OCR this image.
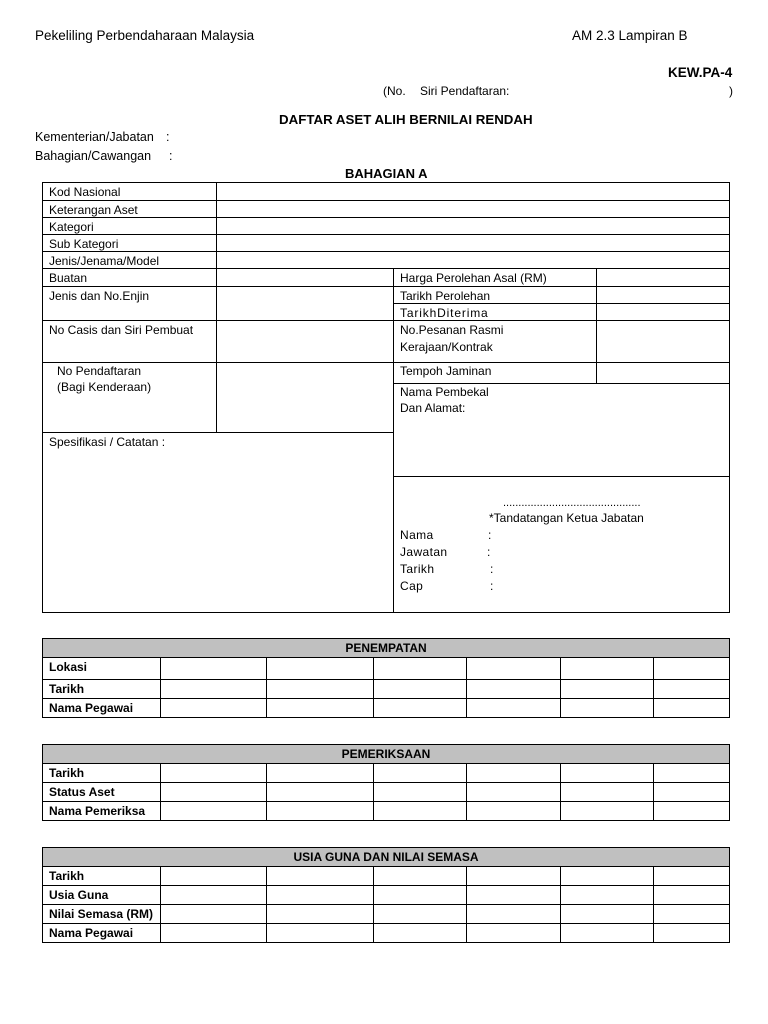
Pekeliling Perbendaharaan Malaysia	AM 2.3 Lampiran B
KEW.PA-4
(No. Siri Pendaftaran:	)
DAFTAR ASET ALIH BERNILAI RENDAH
Kementerian/Jabatan :
Bahagian/Cawangan :
BAHAGIAN A
Kod Nasional
Keterangan Aset
Kategori
Sub Kategori
Jenis/Jenama/Model
Buatan	Harga Perolehan Asal (RM)
Jenis dan No.Enjin	Tarikh Perolehan
TarikhDiterima
No Casis dan Siri Pembuat	No.Pesanan Rasmi
Kerajaan/Kontrak
No Pendaftaran
(Bagi Kenderaan)
Tempoh Jaminan
Nama Pembekal
Dan Alamat:
Spesifikasi / Catatan :
.............................................
*Tandatangan Ketua Jabatan
Nama	:
Jawatan	:
Tarikh	:
Cap	:
PENEMPATAN						
Lokasi						
Tarikh						
Nama Pegawai						
PEMERIKSAAN						
Tarikh						
Status Aset						
Nama Pemeriksa						
USIA GUNA DAN NILAI SEMASA						
Tarikh						
Usia Guna						
Nilai Semasa (RM)						
Nama Pegawai						
